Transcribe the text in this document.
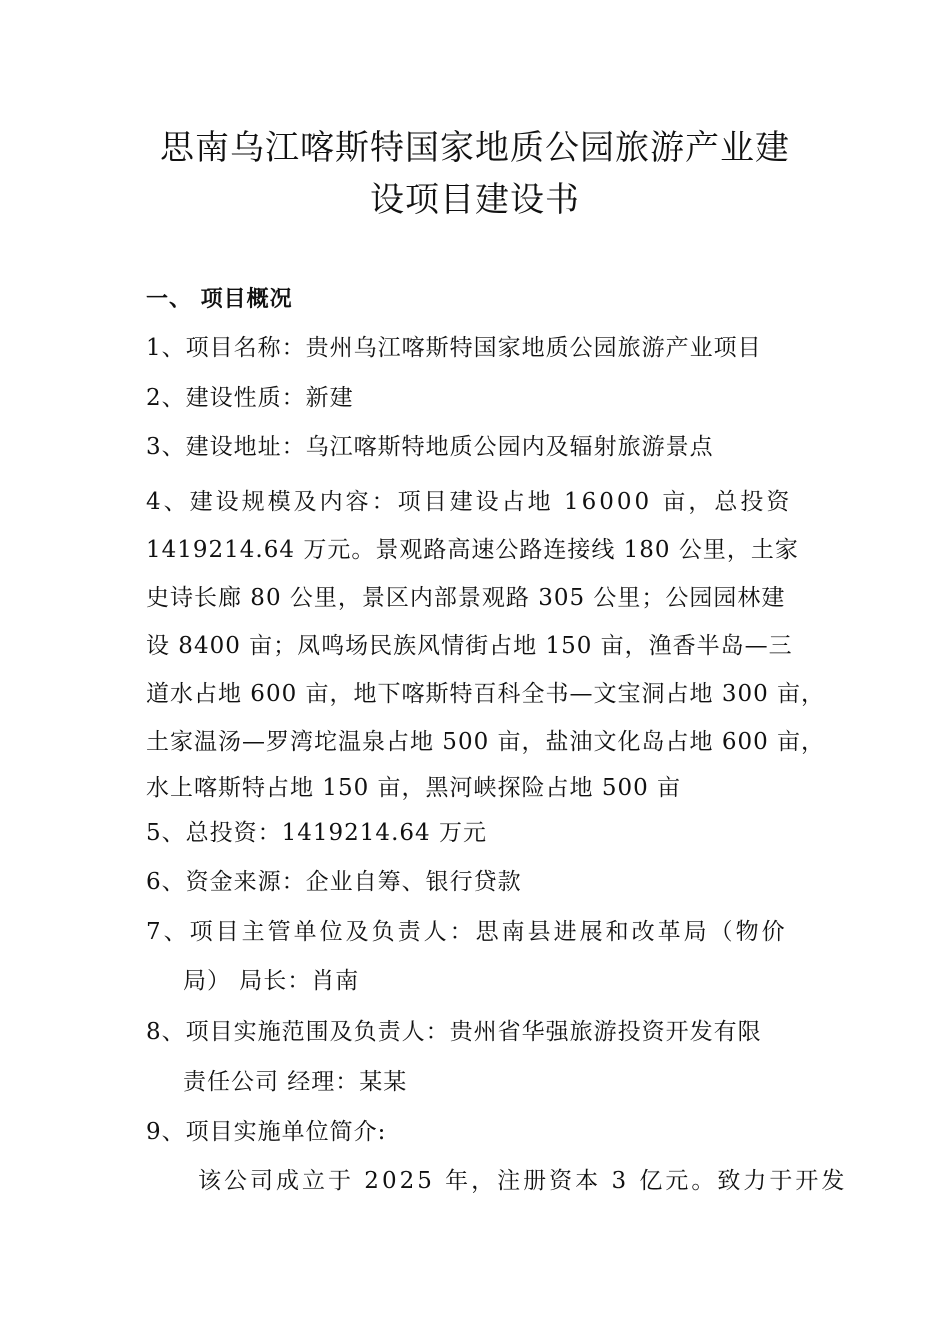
思南乌江喀斯特国家地质公园旅游产业建
设项目建设书
一、 项目概况
1、项目名称：贵州乌江喀斯特国家地质公园旅游产业项目
2、建设性质：新建
3、建设地址：乌江喀斯特地质公园内及辐射旅游景点
4、建设规模及内容：项目建设占地 16000 亩，总投资
1419214.64 万元。景观路高速公路连接线 180 公里，土家
史诗长廊 80 公里，景区内部景观路 305 公里；公园园林建
设 8400 亩；凤鸣场民族风情街占地 150 亩，渔香半岛—三
道水占地 600 亩，地下喀斯特百科全书—文宝洞占地 300 亩，
土家温汤—罗湾坨温泉占地 500 亩，盐油文化岛占地 600 亩，
水上喀斯特占地 150 亩，黑河峡探险占地 500 亩
5、总投资：1419214.64 万元
6、资金来源：企业自筹、银行贷款
7、项目主管单位及负责人：思南县进展和改革局（物价
局） 局长：肖南
8、项目实施范围及负责人：贵州省华强旅游投资开发有限
责任公司 经理：某某
9、项目实施单位简介:
该公司成立于 2025 年，注册资本 3 亿元。致力于开发
